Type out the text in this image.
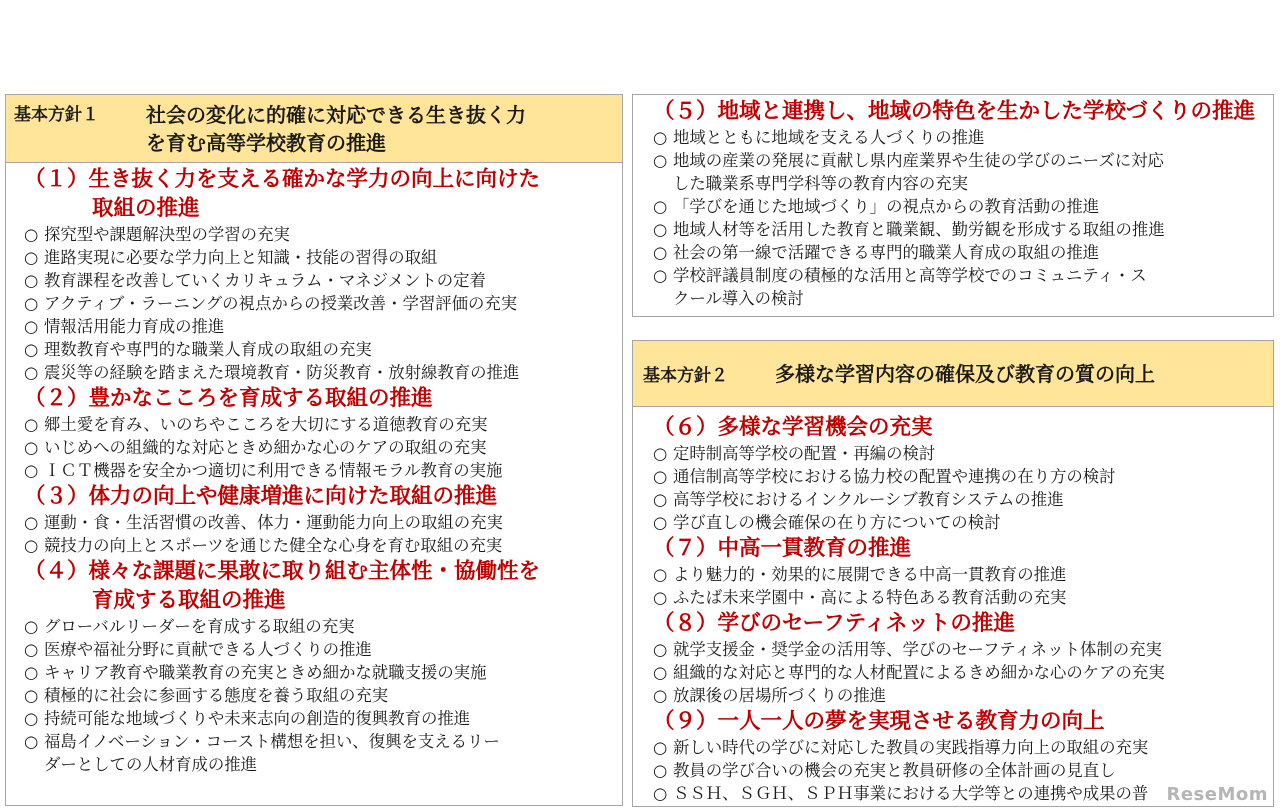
基本方針１	社会の変化に的確に対応できる生き抜く力
を育む高等学校教育の推進
（１）生き抜く力を支える確かな学力の向上に向けた
取組の推進
○ 探究型や課題解決型の学習の充実
○ 進路実現に必要な学力向上と知識・技能の習得の取組
○ 教育課程を改善していくカリキュラム・マネジメントの定着
○ アクティブ・ラーニングの視点からの授業改善・学習評価の充実
○ 情報活用能力育成の推進
○ 理数教育や専門的な職業人育成の取組の充実
○ 震災等の経験を踏まえた環境教育・防災教育・放射線教育の推進
（２）豊かなこころを育成する取組の推進
○ 郷土愛を育み、いのちやこころを大切にする道徳教育の充実
○ いじめへの組織的な対応ときめ細かな心のケアの取組の充実
○ ＩＣＴ機器を安全かつ適切に利用できる情報モラル教育の実施
（３）体力の向上や健康増進に向けた取組の推進
○ 運動・食・生活習慣の改善、体力・運動能力向上の取組の充実
○ 競技力の向上とスポーツを通じた健全な心身を育む取組の充実
（４）様々な課題に果敢に取り組む主体性・協働性を
育成する取組の推進
○ グローバルリーダーを育成する取組の充実
○ 医療や福祉分野に貢献できる人づくりの推進
○ キャリア教育や職業教育の充実ときめ細かな就職支援の実施
○ 積極的に社会に参画する態度を養う取組の充実
○ 持続可能な地域づくりや未来志向の創造的復興教育の推進
○ 福島イノベーション・コースト構想を担い、復興を支えるリー
ダーとしての人材育成の推進
（５）地域と連携し、地域の特色を生かした学校づくりの推進
○ 地域とともに地域を支える人づくりの推進
○ 地域の産業の発展に貢献し県内産業界や生徒の学びのニーズに対応
した職業系専門学科等の教育内容の充実
○ 「学びを通じた地域づくり」の視点からの教育活動の推進
○ 地域人材等を活用した教育と職業観、勤労観を形成する取組の推進
○ 社会の第一線で活躍できる専門的職業人育成の取組の推進
○ 学校評議員制度の積極的な活用と高等学校でのコミュニティ・ス
クール導入の検討
基本方針２	多様な学習内容の確保及び教育の質の向上
（６）多様な学習機会の充実
○ 定時制高等学校の配置・再編の検討
○ 通信制高等学校における協力校の配置や連携の在り方の検討
○ 高等学校におけるインクルーシブ教育システムの推進
○ 学び直しの機会確保の在り方についての検討
（７）中高一貫教育の推進
○ より魅力的・効果的に展開できる中高一貫教育の推進
○ ふたば未来学園中・高による特色ある教育活動の充実
（８）学びのセーフティネットの推進
○ 就学支援金・奨学金の活用等、学びのセーフティネット体制の充実
○ 組織的な対応と専門的な人材配置によるきめ細かな心のケアの充実
○ 放課後の居場所づくりの推進
（９）一人一人の夢を実現させる教育力の向上
○ 新しい時代の学びに対応した教員の実践指導力向上の取組の充実
○ 教員の学び合いの機会の充実と教員研修の全体計画の見直し
○ ＳＳＨ、ＳＧＨ、ＳＰＨ事業における大学等との連携や成果の普	ReseMom
